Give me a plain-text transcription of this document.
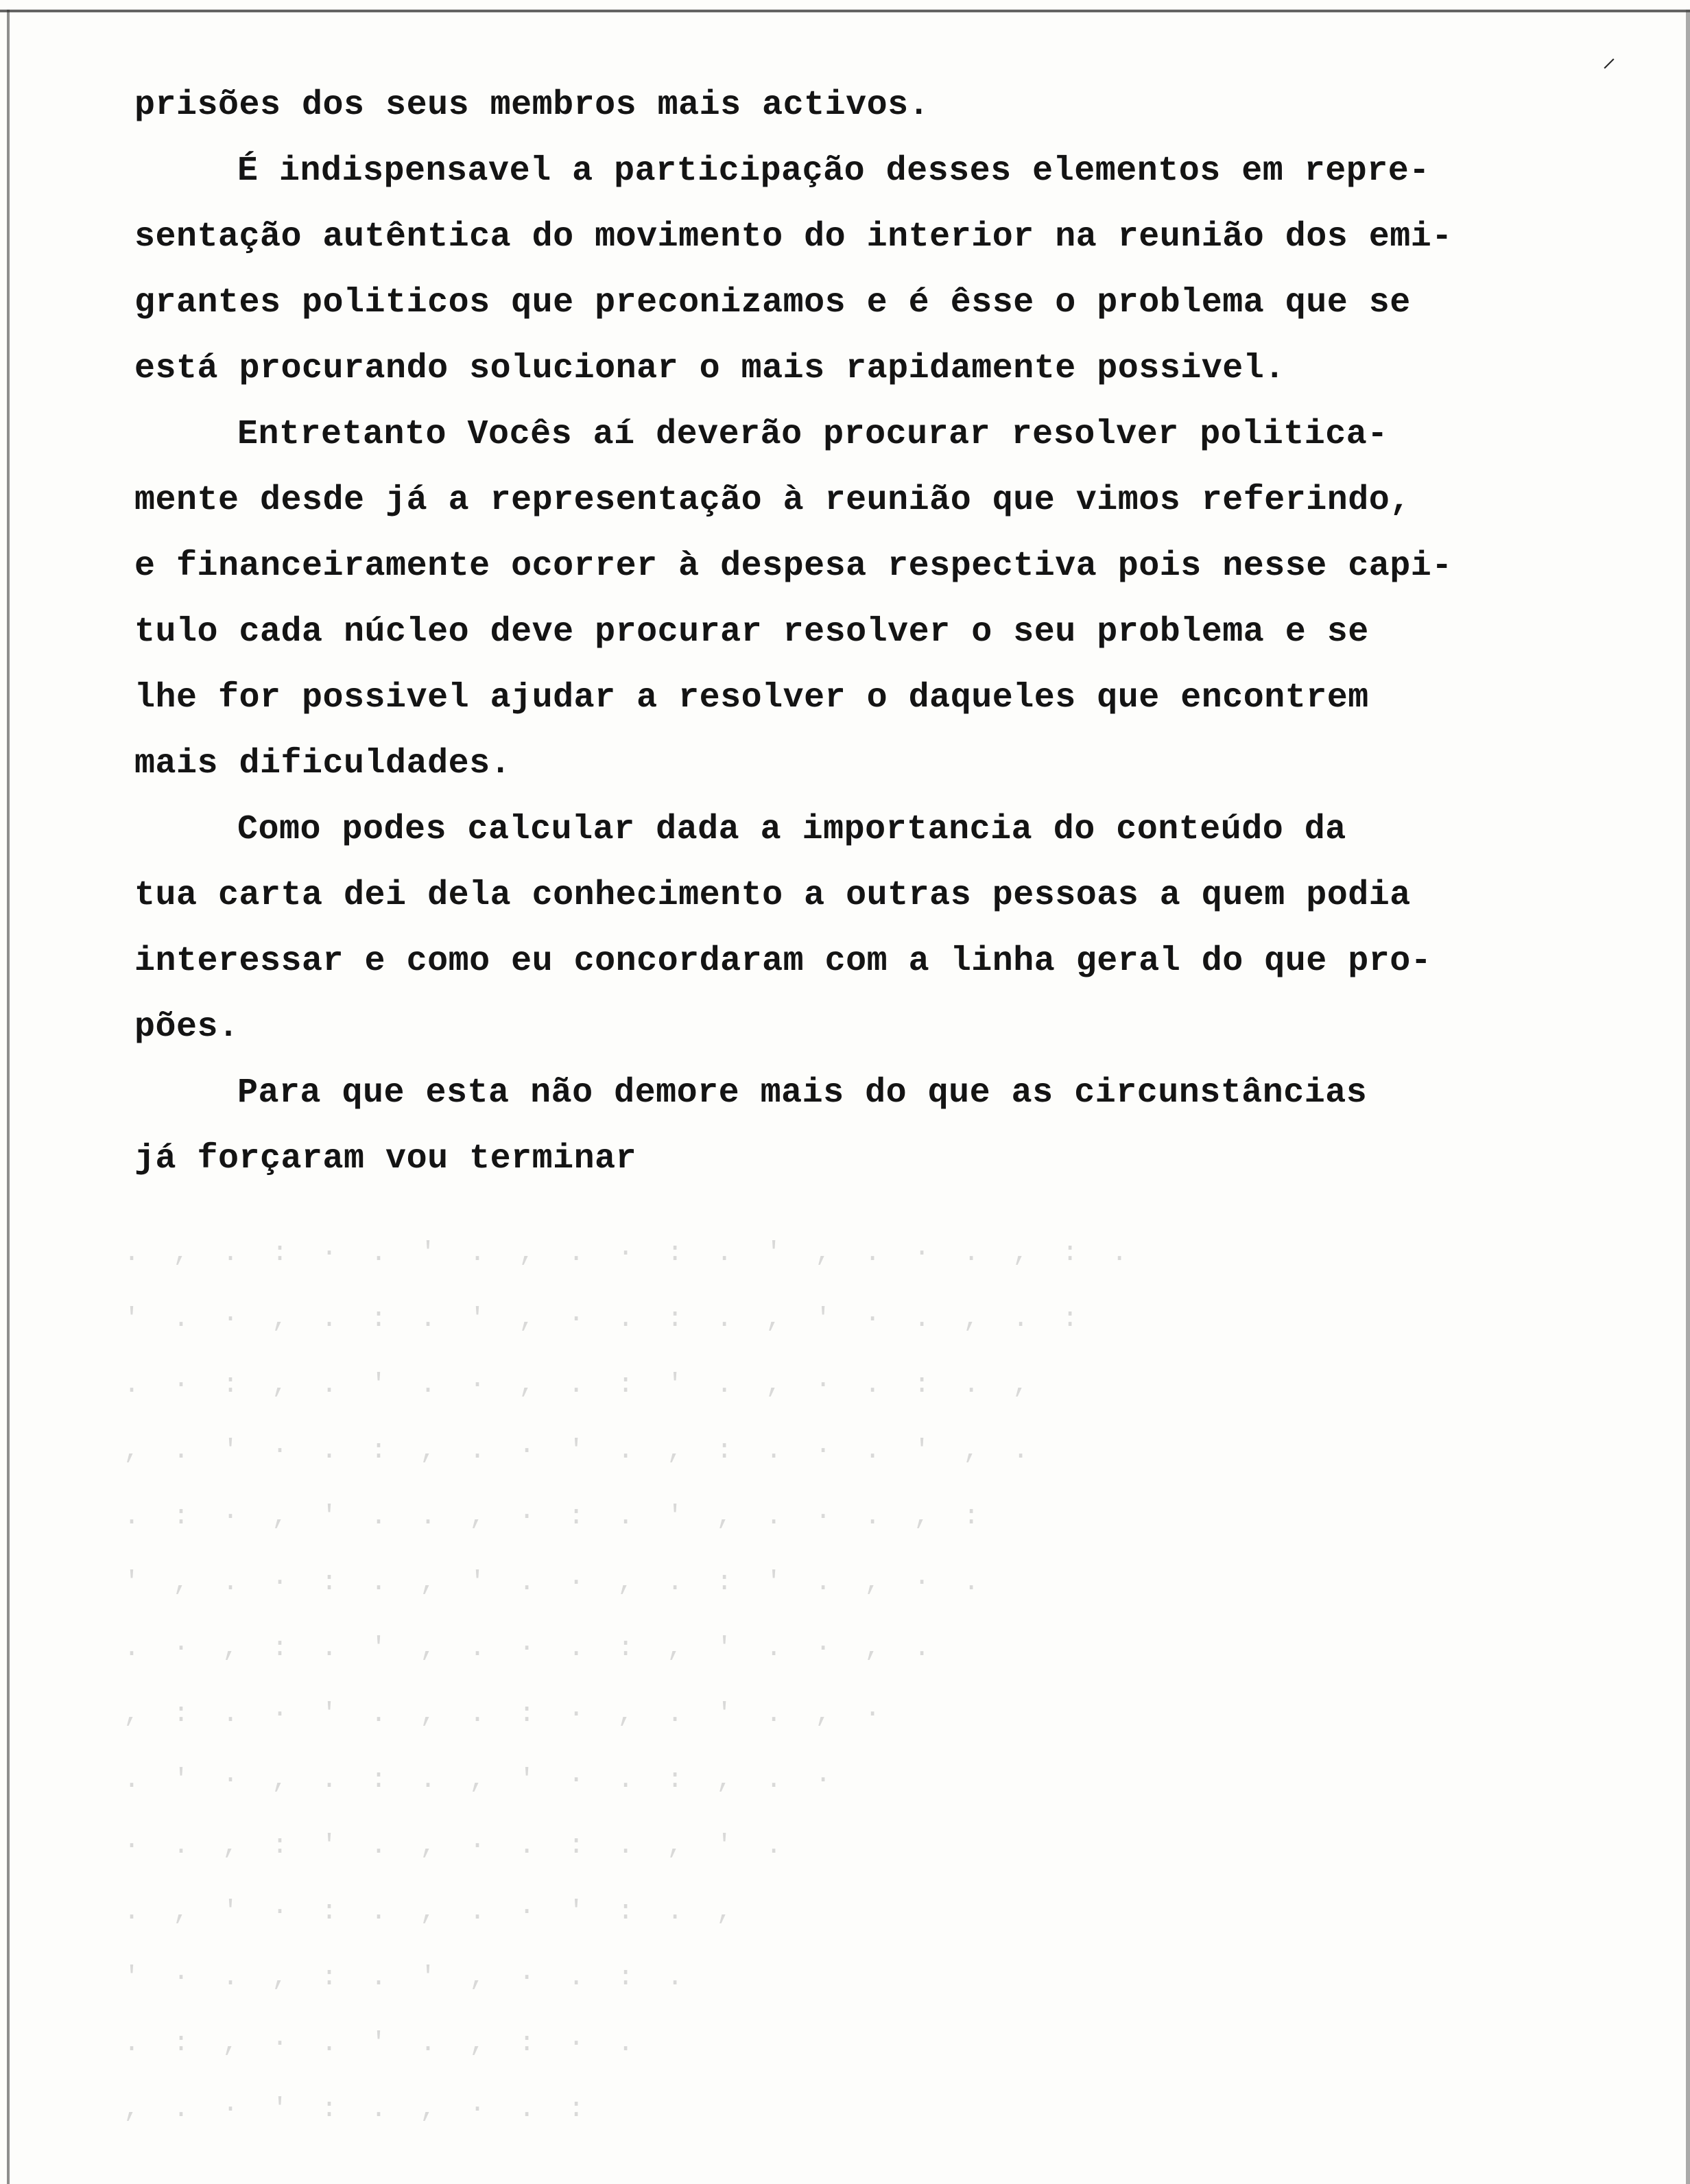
⸝
prisões dos seus membros mais activos.
É indispensavel a participação desses elementos em repre-
sentação autêntica do movimento do interior na reunião dos emi-
grantes politicos que preconizamos e é êsse o problema que se
está procurando solucionar o mais rapidamente possivel.
Entretanto Vocês aí deverão procurar resolver politica-
mente desde já a representação à reunião que vimos referindo,
e financeiramente ocorrer à despesa respectiva pois nesse capi-
tulo cada núcleo deve procurar resolver o seu problema e se
lhe for possivel ajudar a resolver o daqueles que encontrem
mais dificuldades.
Como podes calcular dada a importancia do conteúdo da
tua carta dei dela conhecimento a outras pessoas a quem podia
interessar e como eu concordaram com a linha geral do que pro-
pões.
Para que esta não demore mais do que as circunstâncias
já forçaram vou terminar
. , . : · . ' . , . · : . ' , . · . , : .
' . · , . : . ' , · . : . , ' · . , . :
. · : , . ' . · , . : ' . , · . : . ,
, . ' · . : , . · ' . , : . · . ' , .
. : · , ' . . , · : . ' , . · . , :
' , . · : . , ' . · , . : ' . , · .
. · , : . ' , . · . : , ' . · , .
, : . · ' . , . : · , . ' . , ·
. ' · , . : . , ' · . : , . ·
· . , : ' . , · . : . , ' .
. , ' · : . , . · ' : . ,
' · . , : . ' , · . : .
. : , · . ' . , : · .
, . · ' : . , · . :
